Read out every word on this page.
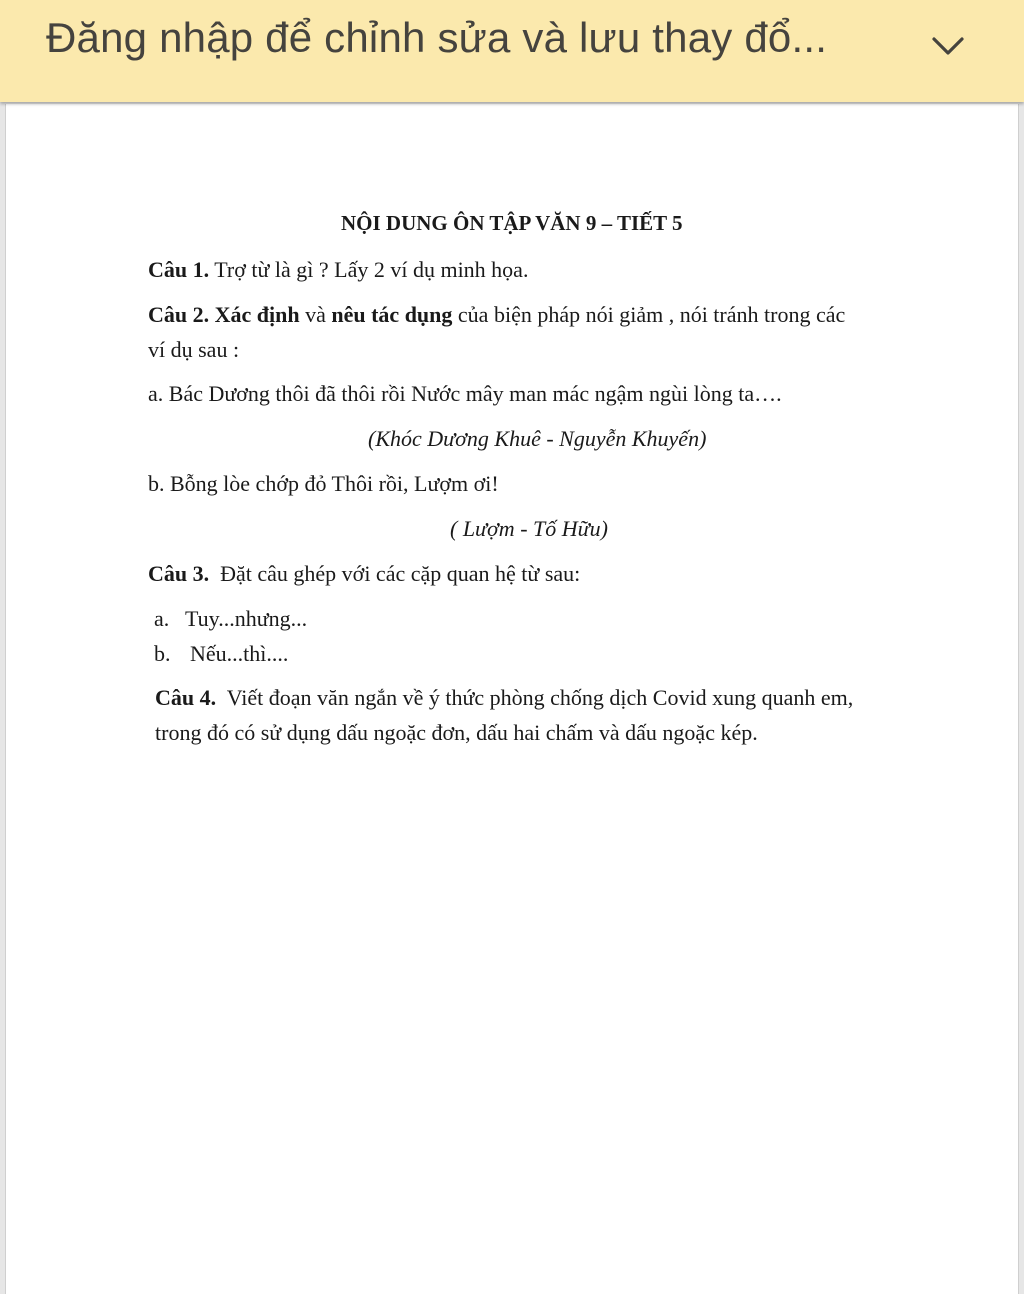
Đăng nhập để chỉnh sửa và lưu thay đổ...
NỘI DUNG ÔN TẬP VĂN 9 – TIẾT 5
Câu 1. Trợ từ là gì ? Lấy 2 ví dụ minh họa.
Câu 2. Xác định và nêu tác dụng của biện pháp nói giảm , nói tránh trong các
ví dụ sau :
a. Bác Dương thôi đã thôi rồi Nước mây man mác ngậm ngùi lòng ta….
(Khóc Dương Khuê - Nguyễn Khuyến)
b. Bỗng lòe chớp đỏ Thôi rồi, Lượm ơi!
( Lượm - Tố Hữu)
Câu 3.  Đặt câu ghép với các cặp quan hệ từ sau:
a. Tuy...nhưng...
b. Nếu...thì....
Câu 4.  Viết đoạn văn ngắn về ý thức phòng chống dịch Covid xung quanh em,
trong đó có sử dụng dấu ngoặc đơn, dấu hai chấm và dấu ngoặc kép.
